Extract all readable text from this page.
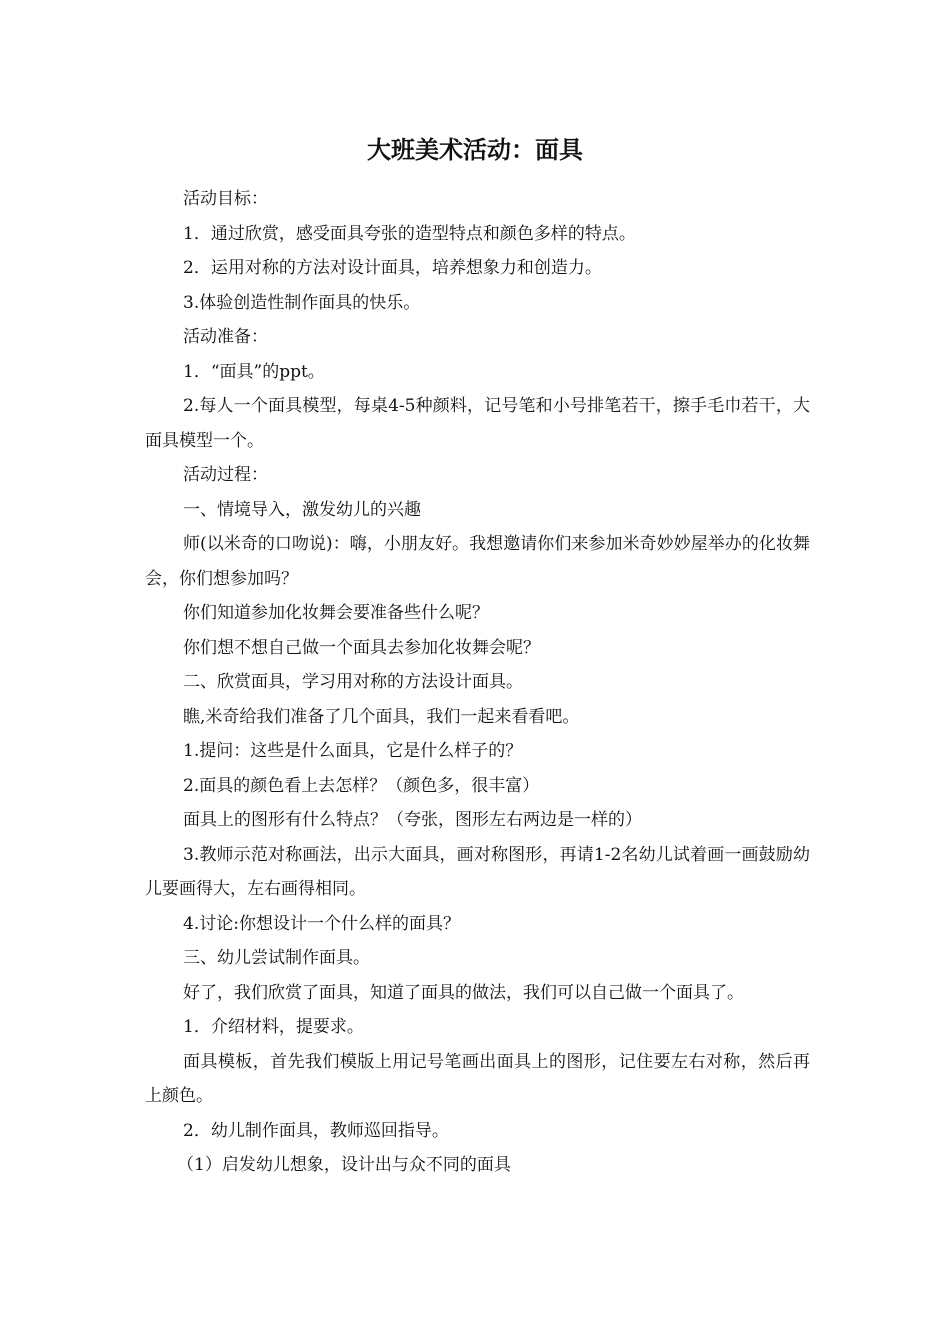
大班美术活动：面具

活动目标：

1．通过欣赏，感受面具夸张的造型特点和颜色多样的特点。

2．运用对称的方法对设计面具，培养想象力和创造力。

3.体验创造性制作面具的快乐。

活动准备：

1．“面具”的ppt。

2.每人一个面具模型，每桌4-5种颜料，记号笔和小号排笔若干，擦手毛巾若干，大面具模型一个。

活动过程：

一、情境导入，激发幼儿的兴趣

师(以米奇的口吻说)：嗨，小朋友好。我想邀请你们来参加米奇妙妙屋举办的化妆舞会，你们想参加吗？

你们知道参加化妆舞会要准备些什么呢？

你们想不想自己做一个面具去参加化妆舞会呢？

二、欣赏面具，学习用对称的方法设计面具。

瞧,米奇给我们准备了几个面具，我们一起来看看吧。

1.提问：这些是什么面具，它是什么样子的？

2.面具的颜色看上去怎样？（颜色多，很丰富）

面具上的图形有什么特点？（夸张，图形左右两边是一样的）

3.教师示范对称画法，出示大面具，画对称图形，再请1-2名幼儿试着画一画鼓励幼儿要画得大，左右画得相同。

4.讨论:你想设计一个什么样的面具？

三、幼儿尝试制作面具。

好了，我们欣赏了面具，知道了面具的做法，我们可以自己做一个面具了。

1．介绍材料，提要求。

面具模板，首先我们模版上用记号笔画出面具上的图形，记住要左右对称，然后再上颜色。

2．幼儿制作面具，教师巡回指导。

（1）启发幼儿想象，设计出与众不同的面具
